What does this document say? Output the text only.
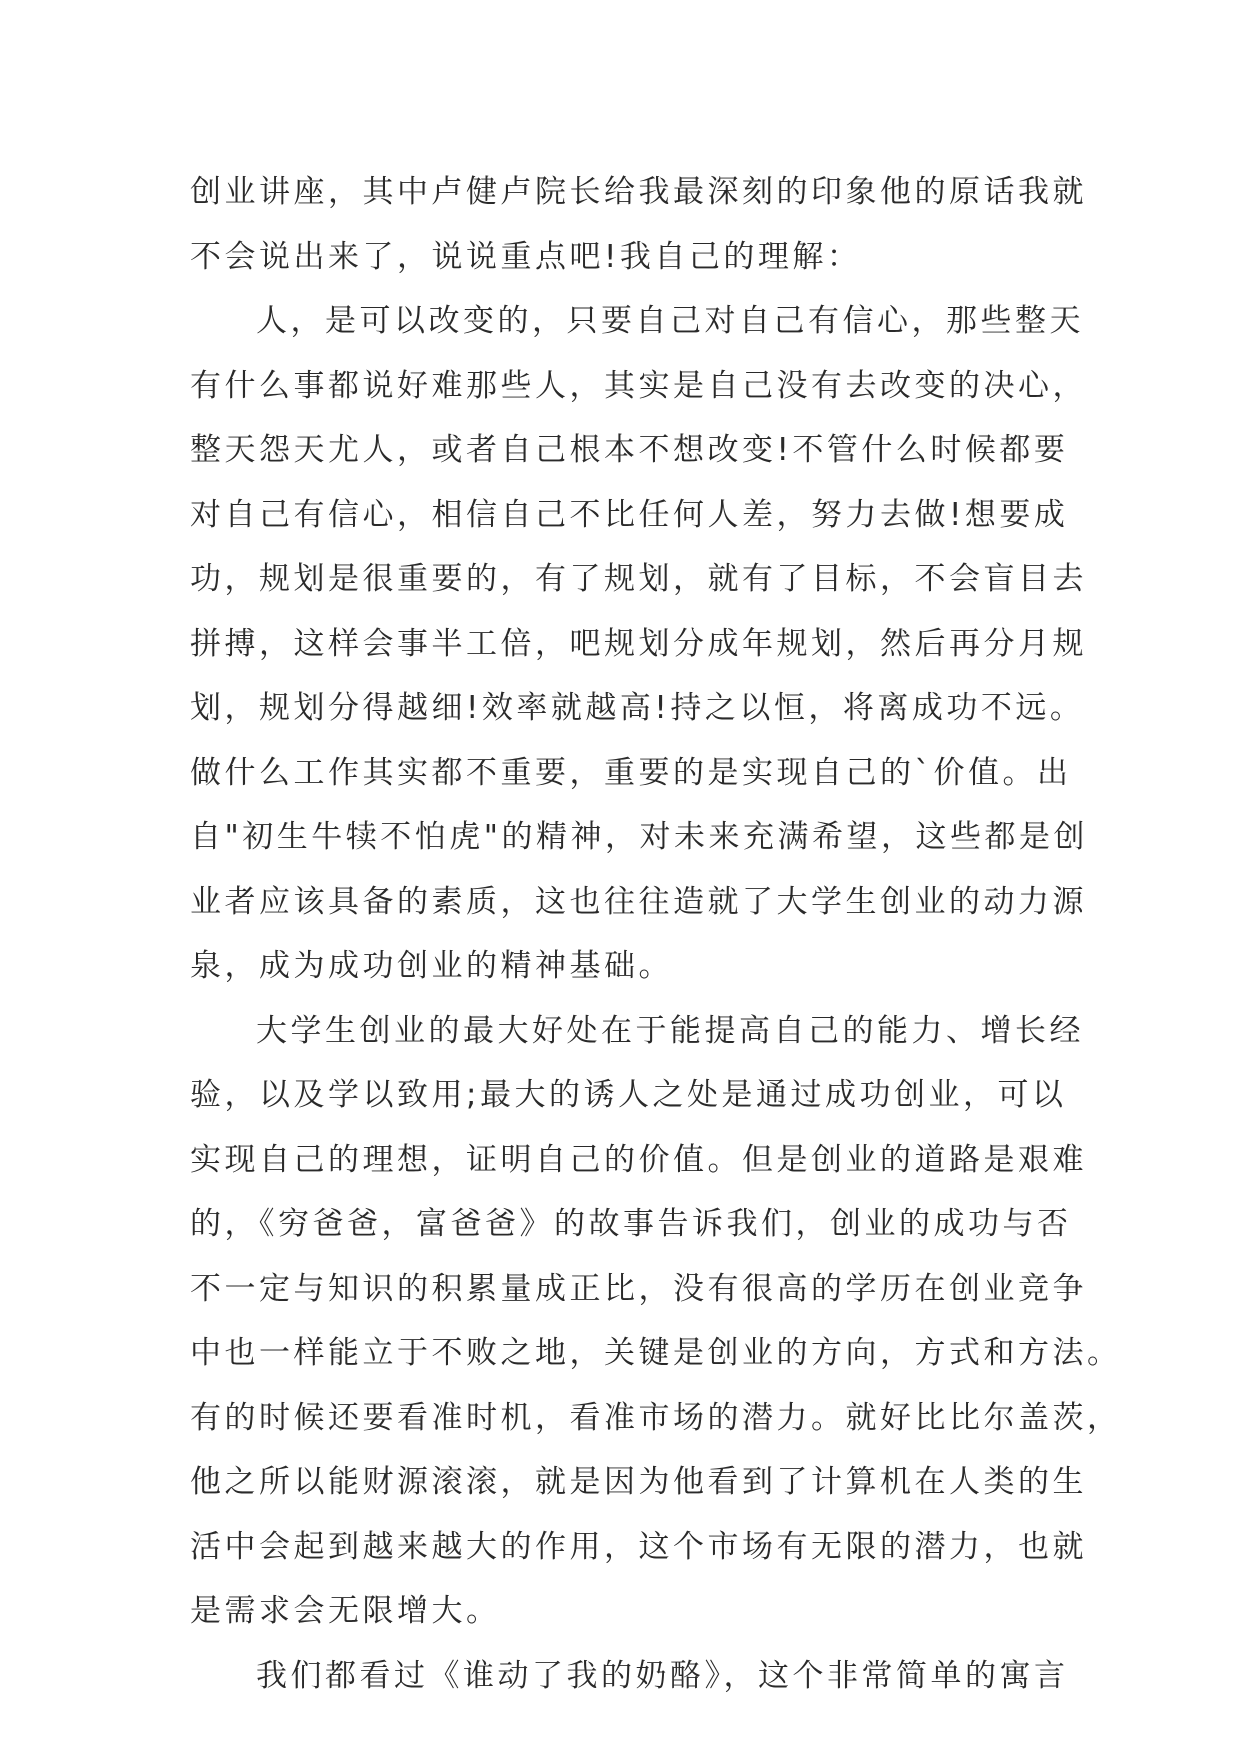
创业讲座，其中卢健卢院长给我最深刻的印象他的原话我就
不会说出来了，说说重点吧!我自己的理解：
人，是可以改变的，只要自己对自己有信心，那些整天
有什么事都说好难那些人，其实是自己没有去改变的决心，
整天怨天尤人，或者自己根本不想改变!不管什么时候都要
对自己有信心，相信自己不比任何人差，努力去做!想要成
功，规划是很重要的，有了规划，就有了目标，不会盲目去
拼搏，这样会事半工倍，吧规划分成年规划，然后再分月规
划，规划分得越细!效率就越高!持之以恒，将离成功不远。
做什么工作其实都不重要，重要的是实现自己的`价值。出
自"初生牛犊不怕虎"的精神，对未来充满希望，这些都是创
业者应该具备的素质，这也往往造就了大学生创业的动力源
泉，成为成功创业的精神基础。
大学生创业的最大好处在于能提高自己的能力、增长经
验，以及学以致用;最大的诱人之处是通过成功创业，可以
实现自己的理想，证明自己的价值。但是创业的道路是艰难
的，《穷爸爸，富爸爸》的故事告诉我们，创业的成功与否
不一定与知识的积累量成正比，没有很高的学历在创业竞争
中也一样能立于不败之地，关键是创业的方向，方式和方法。
有的时候还要看准时机，看准市场的潜力。就好比比尔盖茨，
他之所以能财源滚滚，就是因为他看到了计算机在人类的生
活中会起到越来越大的作用，这个市场有无限的潜力，也就
是需求会无限增大。
我们都看过《谁动了我的奶酪》，这个非常简单的寓言
